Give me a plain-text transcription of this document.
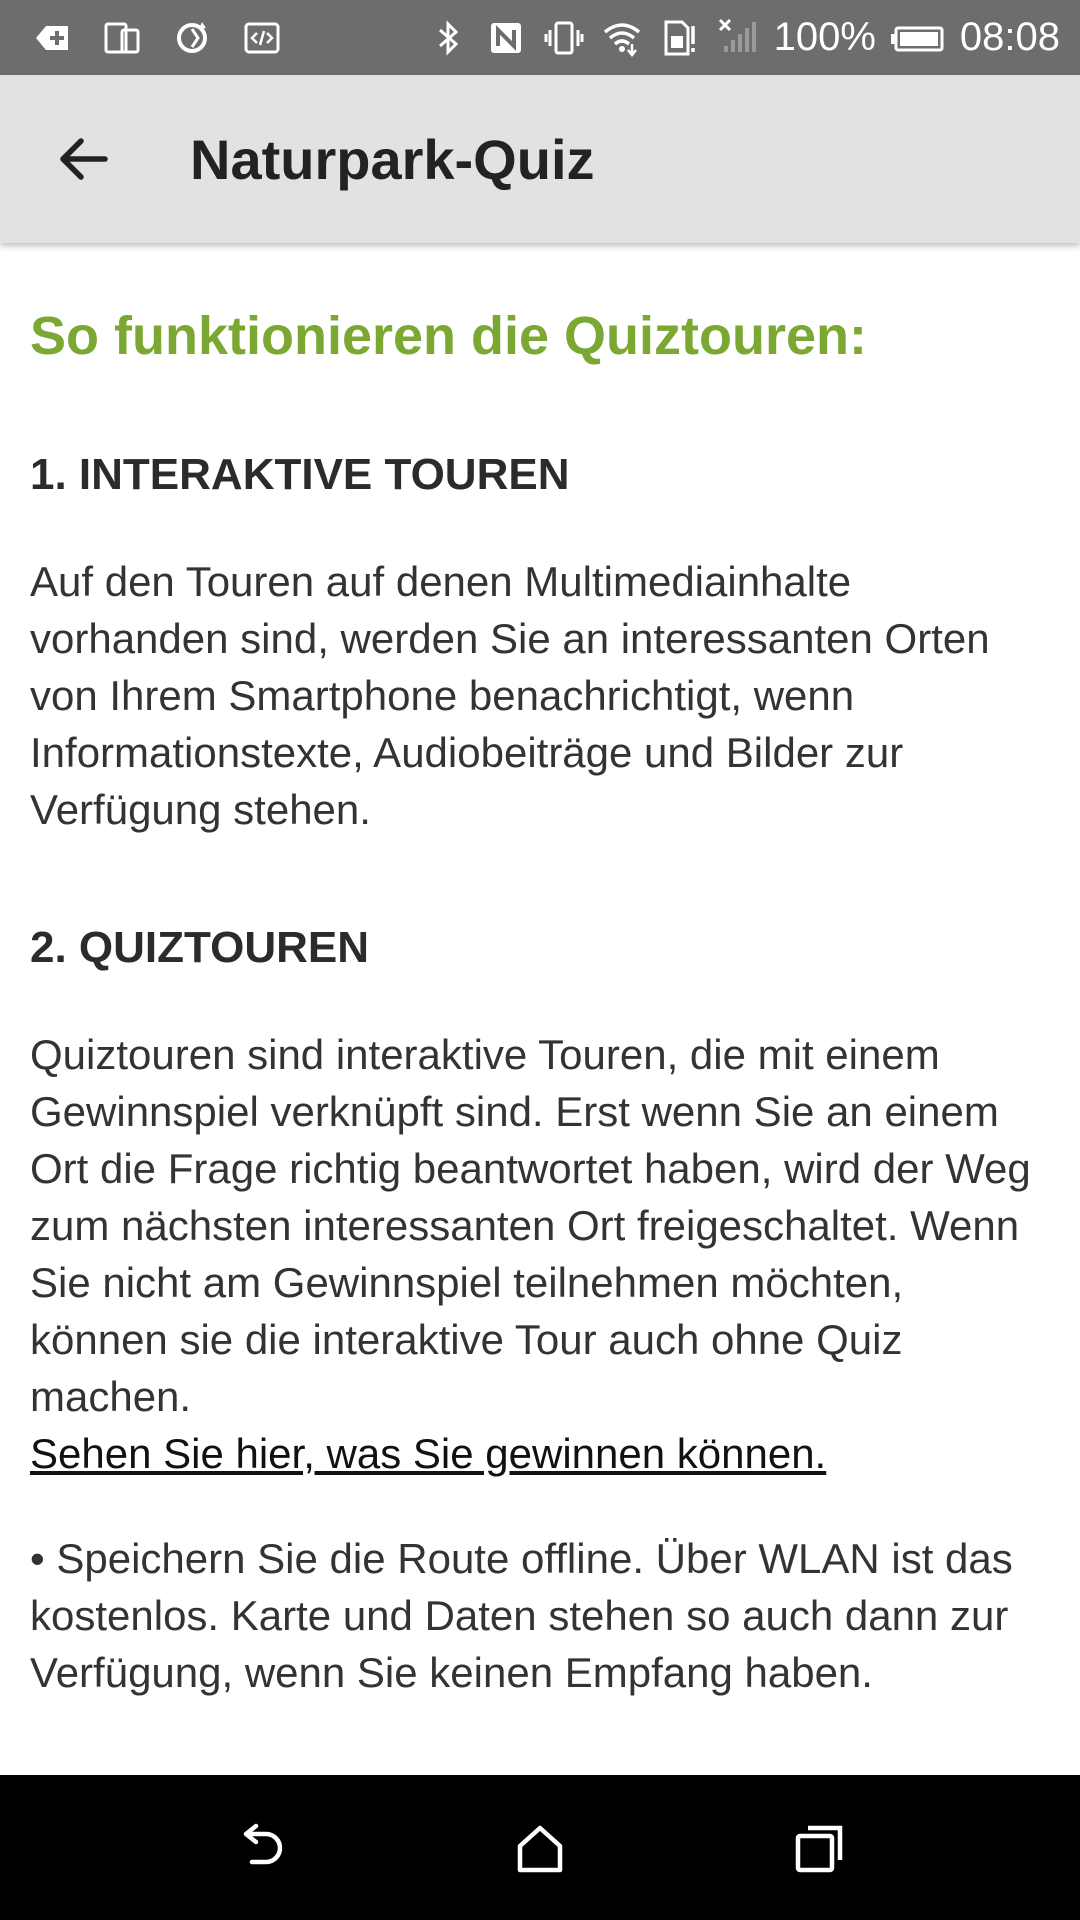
100% 08:08
Naturpark-Quiz
So funktionieren die Quiztouren:
1. INTERAKTIVE TOUREN

Auf den Touren auf denen Multimediainhalte vorhanden sind, werden Sie an interessanten Orten von Ihrem Smartphone benachrichtigt, wenn Informationstexte, Audiobeiträge und Bilder zur Verfügung stehen.

2. QUIZTOUREN

Quiztouren sind interaktive Touren, die mit einem Gewinnspiel verknüpft sind. Erst wenn Sie an einem Ort die Frage richtig beantwortet haben, wird der Weg zum nächsten interessanten Ort freigeschaltet. Wenn Sie nicht am Gewinnspiel teilnehmen möchten, können sie die interaktive Tour auch ohne Quiz machen.

Sehen Sie hier, was Sie gewinnen können.

• Speichern Sie die Route offline. Über WLAN ist das kostenlos. Karte und Daten stehen so auch dann zur Verfügung, wenn Sie keinen Empfang haben.
